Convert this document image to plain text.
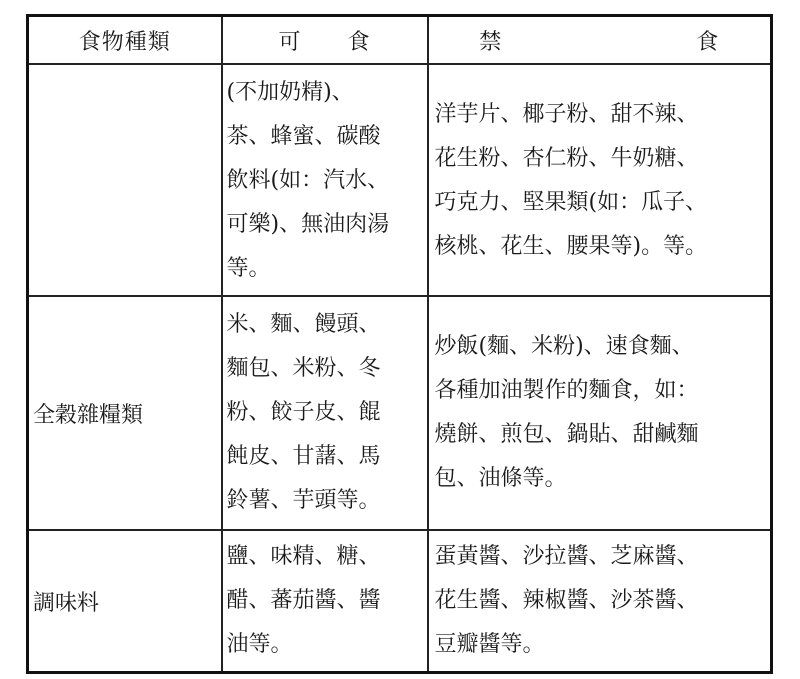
食物種類	可 食	禁 食

	(不加奶精)、
茶、蜂蜜、碳酸
飲料(如：汽水、
可樂)、無油肉湯
等。	洋芋片、椰子粉、甜不辣、
花生粉、杏仁粉、牛奶糖、
巧克力、堅果類(如：瓜子、
核桃、花生、腰果等)。等。

全穀雜糧類	米、麵、饅頭、
麵包、米粉、冬
粉、餃子皮、餛
飩皮、甘藷、馬
鈴薯、芋頭等。	炒飯(麵、米粉)、速食麵、
各種加油製作的麵食，如：
燒餅、煎包、鍋貼、甜鹹麵
包、油條等。

調味料	鹽、味精、糖、
醋、蕃茄醬、醬
油等。	蛋黃醬、沙拉醬、芝麻醬、
花生醬、辣椒醬、沙茶醬、
豆瓣醬等。
